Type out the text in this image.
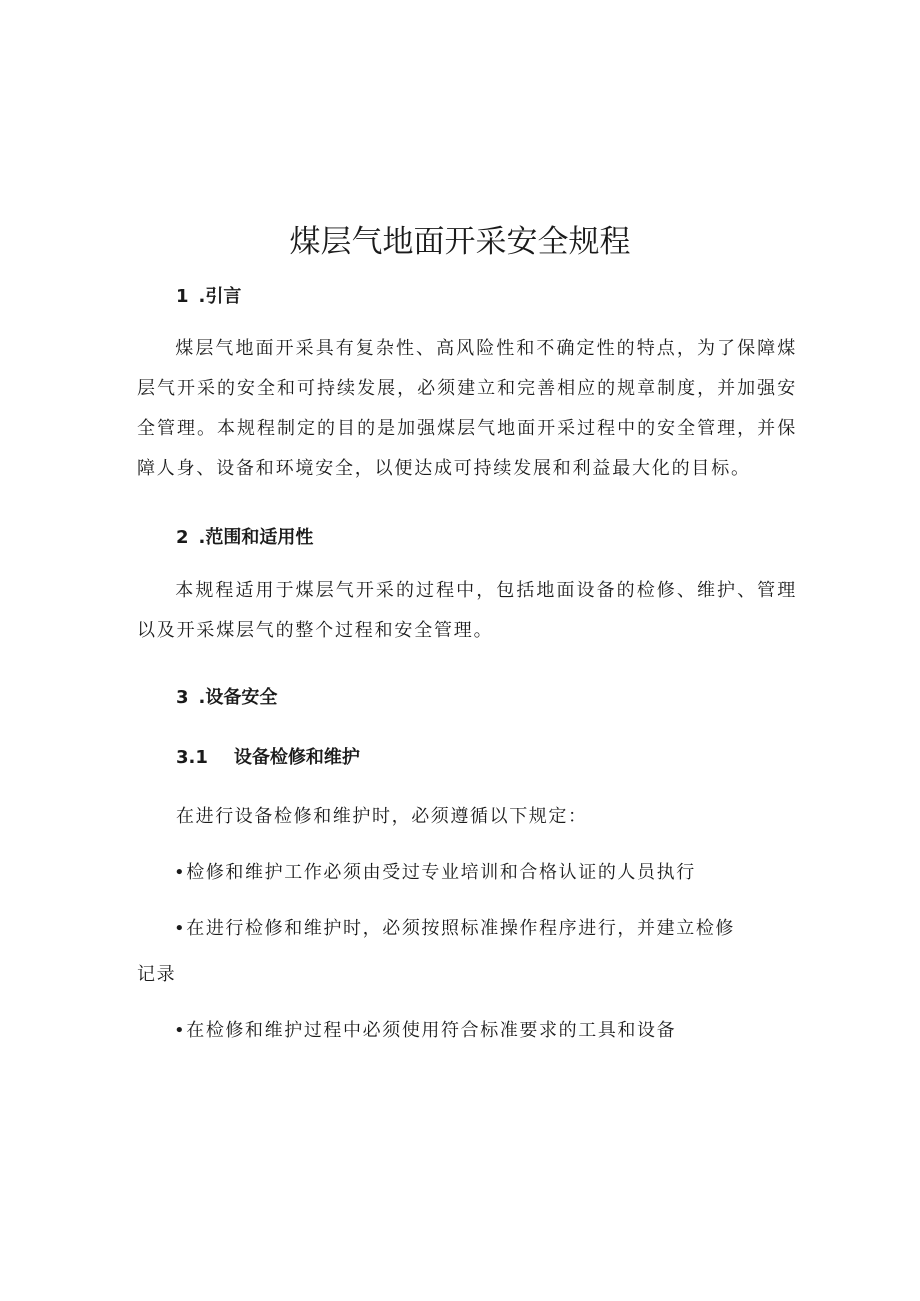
煤层气地面开采安全规程
1 .引言

煤层气地面开采具有复杂性、高风险性和不确定性的特点，为了保障煤层气开采的安全和可持续发展，必须建立和完善相应的规章制度，并加强安全管理。本规程制定的目的是加强煤层气地面开采过程中的安全管理，并保障人身、设备和环境安全，以便达成可持续发展和利益最大化的目标。

2 .范围和适用性

本规程适用于煤层气开采的过程中，包括地面设备的检修、维护、管理以及开采煤层气的整个过程和安全管理。

3 .设备安全
3.1 设备检修和维护

在进行设备检修和维护时，必须遵循以下规定：

•检修和维护工作必须由受过专业培训和合格认证的人员执行

•在进行检修和维护时，必须按照标准操作程序进行，并建立检修

记录

•在检修和维护过程中必须使用符合标准要求的工具和设备
